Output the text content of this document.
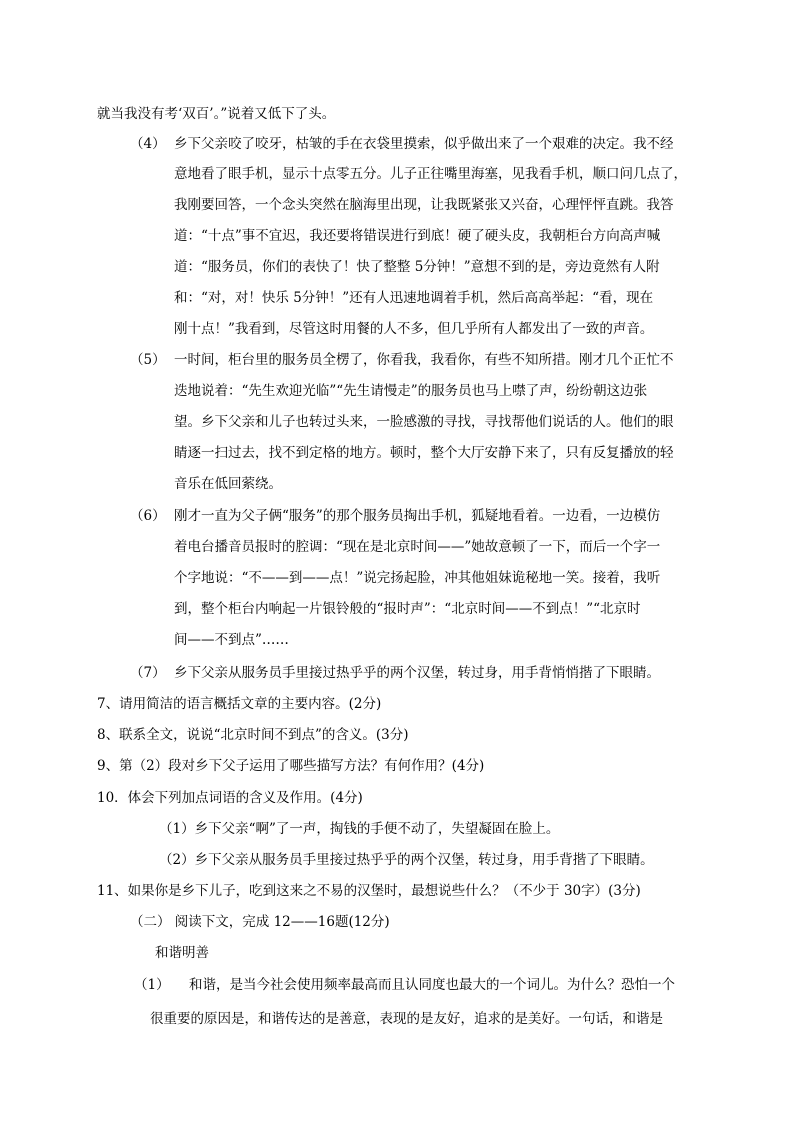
就当我没有考‘双百’。”说着又低下了头。
（4） 乡下父亲咬了咬牙，枯皱的手在衣袋里摸索，似乎做出来了一个艰难的决定。我不经
意地看了眼手机，显示十点零五分。儿子正往嘴里海塞，见我看手机，顺口问几点了，
我刚要回答，一个念头突然在脑海里出现，让我既紧张又兴奋，心理怦怦直跳。我答
道：“十点”事不宜迟，我还要将错误进行到底！硬了硬头皮，我朝柜台方向高声喊
道：“服务员，你们的表快了！快了整整 5分钟！”意想不到的是，旁边竟然有人附
和：“对，对！快乐 5分钟！”还有人迅速地调着手机，然后高高举起：“看，现在
刚十点！”我看到，尽管这时用餐的人不多，但几乎所有人都发出了一致的声音。
（5） 一时间，柜台里的服务员全楞了，你看我，我看你，有些不知所措。刚才几个正忙不
迭地说着：“先生欢迎光临”“先生请慢走”的服务员也马上噤了声，纷纷朝这边张
望。乡下父亲和儿子也转过头来，一脸感激的寻找，寻找帮他们说话的人。他们的眼
睛逐一扫过去，找不到定格的地方。顿时，整个大厅安静下来了，只有反复播放的轻
音乐在低回萦绕。
（6） 刚才一直为父子俩“服务”的那个服务员掏出手机，狐疑地看着。一边看，一边模仿
着电台播音员报时的腔调：“现在是北京时间——”她故意顿了一下，而后一个字一
个字地说：“不——到——点！”说完扬起脸，冲其他姐妹诡秘地一笑。接着，我听
到，整个柜台内响起一片银铃般的“报时声”：“北京时间——不到点！”“北京时
间——不到点”……
（7） 乡下父亲从服务员手里接过热乎乎的两个汉堡，转过身，用手背悄悄揩了下眼睛。
7、请用简洁的语言概括文章的主要内容。(2分)
8、联系全文，说说“北京时间不到点”的含义。(3分)
9、第（2）段对乡下父子运用了哪些描写方法？有何作用？(4分)
10．体会下列加点词语的含义及作用。(4分)
（1）乡下父亲“啊”了一声，掏钱的手便不动了，失望凝固在脸上。
（2）乡下父亲从服务员手里接过热乎乎的两个汉堡，转过身，用手背揩了下眼睛。
11、如果你是乡下儿子，吃到这来之不易的汉堡时，最想说些什么？（不少于 30字）(3分)
（二） 阅读下文，完成 12——16题(12分)
和谐明善
（1） 和谐，是当今社会使用频率最高而且认同度也最大的一个词儿。为什么？恐怕一个
很重要的原因是，和谐传达的是善意，表现的是友好，追求的是美好。一句话，和谐是
